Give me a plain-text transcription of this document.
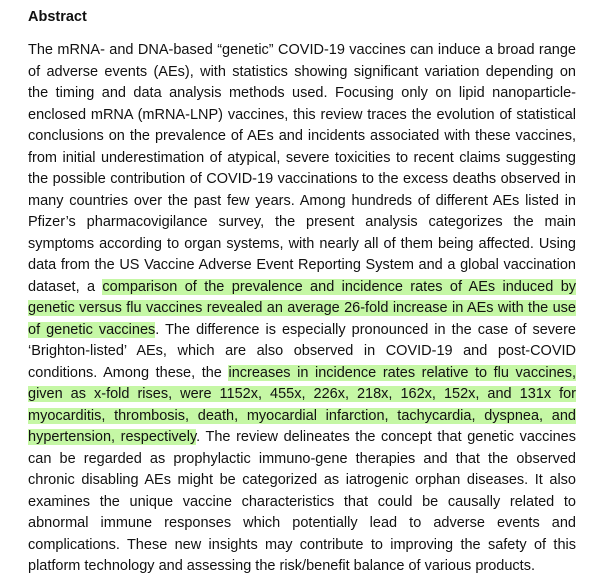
Abstract

The mRNA- and DNA-based “genetic” COVID-19 vaccines can induce a broad range of adverse events (AEs), with statistics showing significant variation depending on the timing and data analysis methods used. Focusing only on lipid nanoparticle-enclosed mRNA (mRNA-LNP) vaccines, this review traces the evolution of statistical conclusions on the prevalence of AEs and incidents associated with these vaccines, from initial underestimation of atypical, severe toxicities to recent claims suggesting the possible contribution of COVID-19 vaccinations to the excess deaths observed in many countries over the past few years. Among hundreds of different AEs listed in Pfizer’s pharmacovigilance survey, the present analysis categorizes the main symptoms according to organ systems, with nearly all of them being affected. Using data from the US Vaccine Adverse Event Reporting System and a global vaccination dataset, a comparison of the prevalence and incidence rates of AEs induced by genetic versus flu vaccines revealed an average 26-fold increase in AEs with the use of genetic vaccines. The difference is especially pronounced in the case of severe ‘Brighton-listed’ AEs, which are also observed in COVID-19 and post-COVID conditions. Among these, the increases in incidence rates relative to flu vaccines, given as x-fold rises, were 1152x, 455x, 226x, 218x, 162x, 152x, and 131x for myocarditis, thrombosis, death, myocardial infarction, tachycardia, dyspnea, and hypertension, respectively. The review delineates the concept that genetic vaccines can be regarded as prophylactic immuno-gene therapies and that the observed chronic disabling AEs might be categorized as iatrogenic orphan diseases. It also examines the unique vaccine characteristics that could be causally related to abnormal immune responses which potentially lead to adverse events and complications. These new insights may contribute to improving the safety of this platform technology and assessing the risk/benefit balance of various products.
